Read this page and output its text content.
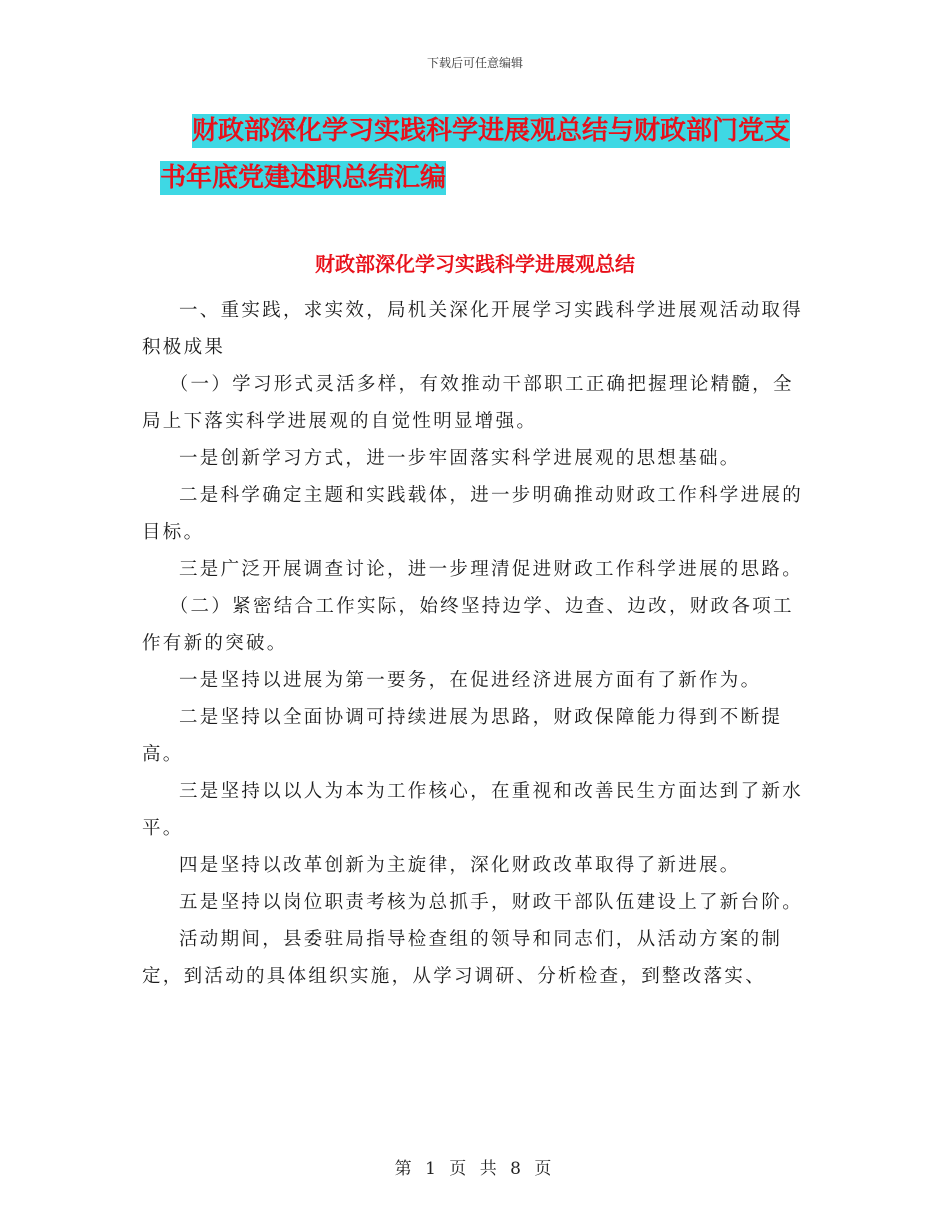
下载后可任意编辑
财政部深化学习实践科学进展观总结与财政部门党支
书年底党建述职总结汇编
财政部深化学习实践科学进展观总结

一、重实践，求实效，局机关深化开展学习实践科学进展观活动取得积极成果

（一）学习形式灵活多样，有效推动干部职工正确把握理论精髓，全局上下落实科学进展观的自觉性明显增强。

一是创新学习方式，进一步牢固落实科学进展观的思想基础。

二是科学确定主题和实践载体，进一步明确推动财政工作科学进展的目标。

三是广泛开展调查讨论，进一步理清促进财政工作科学进展的思路。

（二）紧密结合工作实际，始终坚持边学、边查、边改，财政各项工作有新的突破。

一是坚持以进展为第一要务，在促进经济进展方面有了新作为。

二是坚持以全面协调可持续进展为思路，财政保障能力得到不断提高。

三是坚持以以人为本为工作核心，在重视和改善民生方面达到了新水平。

四是坚持以改革创新为主旋律，深化财政改革取得了新进展。

五是坚持以岗位职责考核为总抓手，财政干部队伍建设上了新台阶。

活动期间，县委驻局指导检查组的领导和同志们，从活动方案的制定，到活动的具体组织实施，从学习调研、分析检查，到整改落实、

第 1 页 共 8 页
